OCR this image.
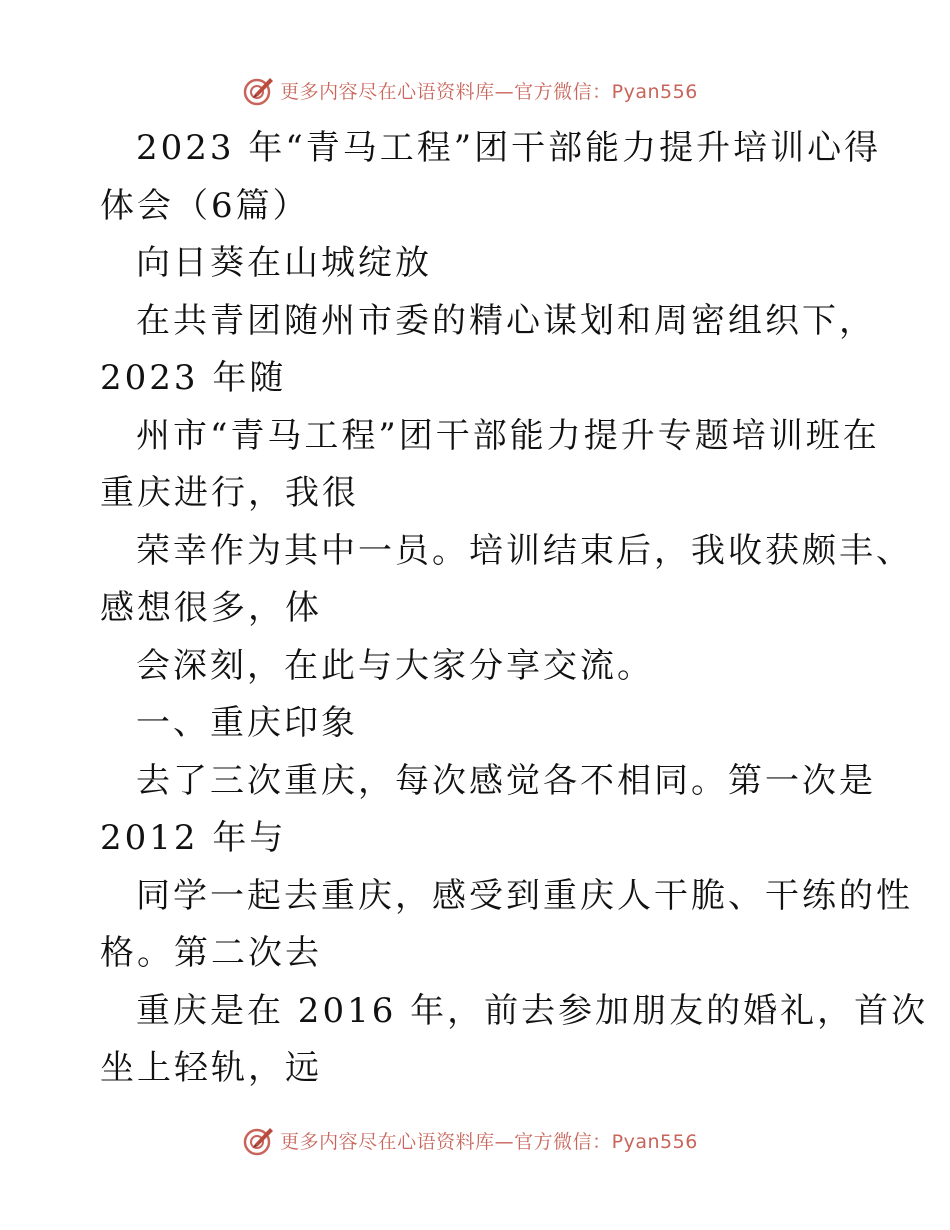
更多内容尽在心语资料库—官方微信：Pyan556
2023 年“青马工程”团干部能力提升培训心得
体会（6篇）
向日葵在山城绽放
在共青团随州市委的精心谋划和周密组织下，
2023 年随
州市“青马工程”团干部能力提升专题培训班在
重庆进行，我很
荣幸作为其中一员。培训结束后，我收获颇丰、
感想很多，体
会深刻，在此与大家分享交流。
一、重庆印象
去了三次重庆，每次感觉各不相同。第一次是
2012 年与
同学一起去重庆，感受到重庆人干脆、干练的性
格。第二次去
重庆是在 2016 年，前去参加朋友的婚礼，首次
坐上轻轨，远
更多内容尽在心语资料库—官方微信：Pyan556
